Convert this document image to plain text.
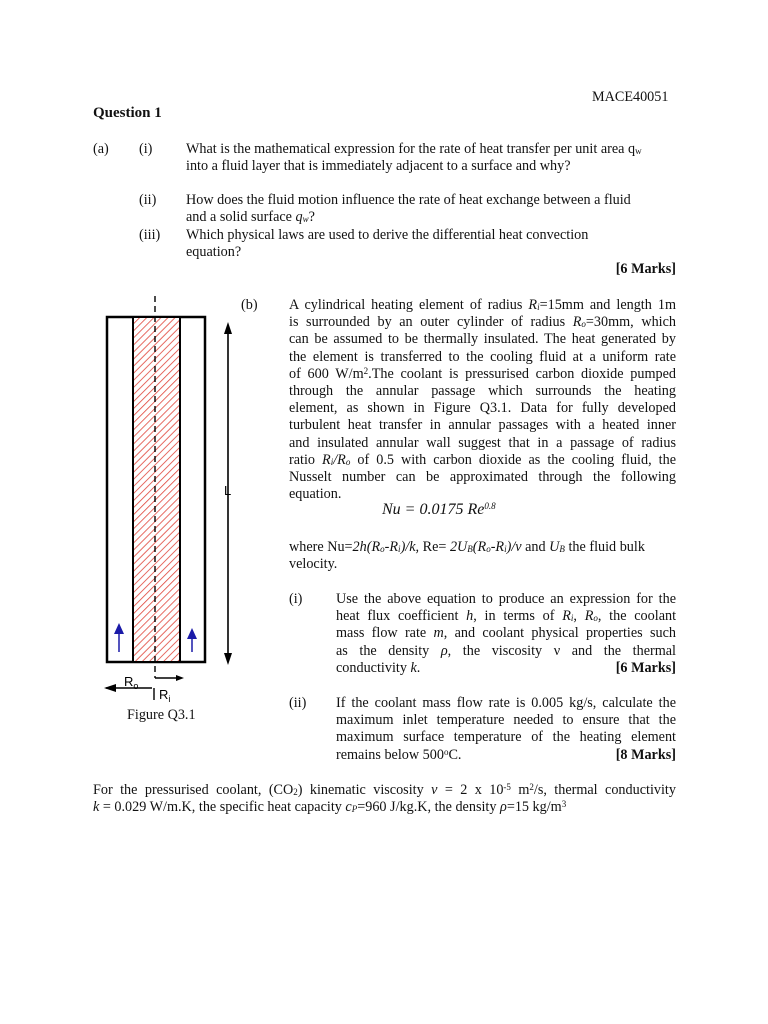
MACE40051
Question 1
(a) (i) What is the mathematical expression for the rate of heat transfer per unit area $q_w$
into a fluid layer that is immediately adjacent to a surface and why?
(ii) How does the fluid motion influence the rate of heat exchange between a fluid
and a solid surface $q_w$?
(iii) Which physical laws are used to derive the differential heat convection
equation?
[6 Marks]
L
$R_o$
$R_i$
Figure Q3.1
(b) A cylindrical heating element of radius $R_i=15mm$ and length 1m
is surrounded by an outer cylinder of radius $R_o=30mm$, which
can be assumed to be thermally insulated. The heat generated by
the element is transferred to the cooling fluid at a uniform rate
of 600 $W/m^2.The$ coolant is pressurised carbon dioxide pumped
through the annular passage which surrounds the heating
element, as shown in Figure Q3.1. Data for fully developed
turbulent heat transfer in annular passages with a heated inner
and insulated annular wall suggest that in a passage of radius
ratio $R_i/R_o$ of 0.5 with carbon dioxide as the cooling fluid, the
Nusselt number can be approximated through the following
equation.
Nu = 0.0175 $Re^{0.8}$
where $Nu=2h(R_o-R_i)/k$, $Re= 2U_B(R_o-R_i)/\nu$ and $U_B$ the fluid bulk
velocity.
(i) Use the above equation to produce an expression for the
heat flux coefficient h, in terms of $R_i$, $R_o$, the coolant
mass flow rate m, and coolant physical properties such
as the density ρ, the viscosity ν and the thermal
conductivity k.	[6 Marks]
(ii) If the coolant mass flow rate is 0.005 kg/s, calculate the
maximum inlet temperature needed to ensure that the
maximum surface temperature of the heating element
remains below 500$^o$C.	[8 Marks]
For the pressurised coolant, $(CO_2)$ kinematic viscosity ν = 2 x $10^{-5}$ $m^2/s$, thermal conductivity
k = 0.029 W/m.K, the specific heat capacity $c_P=960$ J/kg.K, the density ρ=15 $kg/m^3$
